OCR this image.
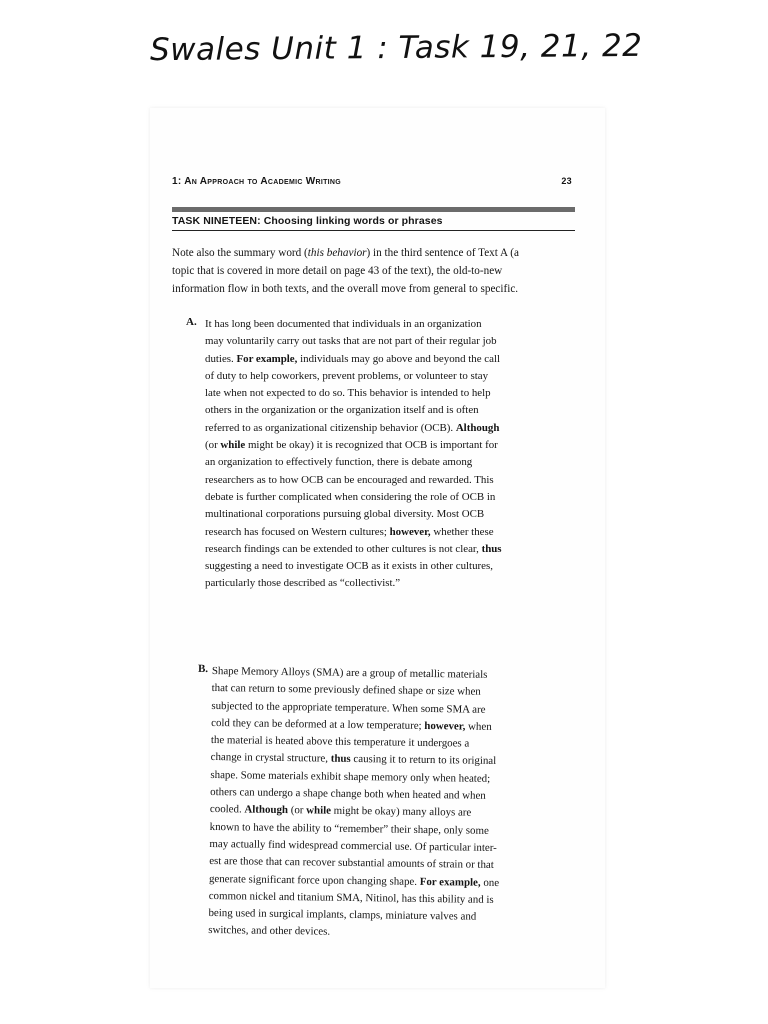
Swales Unit 1 : Task 19, 21, 22
1: An Approach to Academic Writing	23
TASK NINETEEN: Choosing linking words or phrases
Note also the summary word (this behavior) in the third sentence of Text A (a
topic that is covered in more detail on page 43 of the text), the old-to-new
information flow in both texts, and the overall move from general to specific.
A. It has long been documented that individuals in an organization
may voluntarily carry out tasks that are not part of their regular job
duties. For example, individuals may go above and beyond the call
of duty to help coworkers, prevent problems, or volunteer to stay
late when not expected to do so. This behavior is intended to help
others in the organization or the organization itself and is often
referred to as organizational citizenship behavior (OCB). Although
(or while might be okay) it is recognized that OCB is important for
an organization to effectively function, there is debate among
researchers as to how OCB can be encouraged and rewarded. This
debate is further complicated when considering the role of OCB in
multinational corporations pursuing global diversity. Most OCB
research has focused on Western cultures; however, whether these
research findings can be extended to other cultures is not clear, thus
suggesting a need to investigate OCB as it exists in other cultures,
particularly those described as “collectivist.”
B. Shape Memory Alloys (SMA) are a group of metallic materials
that can return to some previously defined shape or size when
subjected to the appropriate temperature. When some SMA are
cold they can be deformed at a low temperature; however, when
the material is heated above this temperature it undergoes a
change in crystal structure, thus causing it to return to its original
shape. Some materials exhibit shape memory only when heated;
others can undergo a shape change both when heated and when
cooled. Although (or while might be okay) many alloys are
known to have the ability to “remember” their shape, only some
may actually find widespread commercial use. Of particular inter-
est are those that can recover substantial amounts of strain or that
generate significant force upon changing shape. For example, one
common nickel and titanium SMA, Nitinol, has this ability and is
being used in surgical implants, clamps, miniature valves and
switches, and other devices.
